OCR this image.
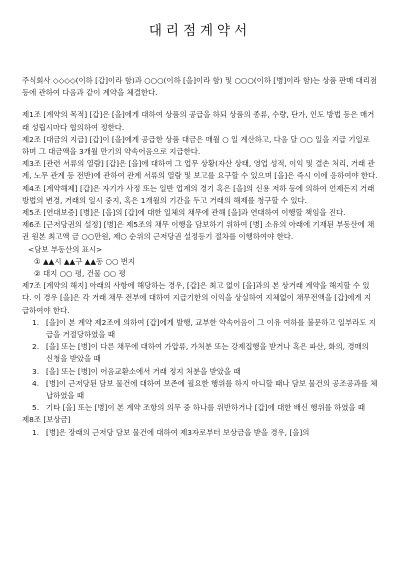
대리점계약서

주식회사 ◇◇◇◇(이하 [갑]이라 함)과 ○○○(이하 [을]이라 함) 및 ○○○(이하 [병]이라 함)는 상품 판매 대리점 등에 관하여 다음과 같이 계약을 체결한다.

제1조 [계약의 목적] [갑]은 [을]에게 대하여 상품의 공급을 하되 상품의 종류, 수량, 단가, 인도 방법 등은 매거래 성립시마다 협의하여 정한다.

제2조 [대금의 지급] [갑]이 [을]에게 공급한 상품 대금은 매월 ○ 일 계산하고, 다음 달 ○○ 일을 지급 기일로 하며 그 대금액을 3개월 만기의 약속어음으로 지급한다.

제3조 [관련 서류의 열람] [갑]은 [을]에 대하여 그 업무 상황(자산 상태, 영업 성적, 이익 및 결손 처리, 거래 관계, 노무 관계 등 전반)에 관하여 관계 서류의 열람 및 보고를 요구할 수 있으며 [을]은 즉시 이에 응하여야 한다.

제4조 [계약해제] [갑]은 자기가 사정 또는 일반 업계의 경기 혹은 [을]의 신용 저하 등에 의하여 언제든지 거래 방법의 변경, 거래의 일시 중지, 혹은 1개월의 기간을 두고 거래의 해제를 청구할 수 있다.

제5조 [연대보증] [병]은 [을]의 [갑]에 대한 일체의 채무에 관해 [을]과 연대하여 이행할 책임을 진다.

제6조 [근저당권의 설정] [병]은 제5조의 채무 이행을 담보하기 위하여 [병] 소유의 아래에 기재된 부동산에 채권 원본 최고액 금 ○○만원, 제○ 순위의 근저당권 설정등기 절차를 이행하여야 한다.

<담보 부동산의 표시>

① ▲▲시 ▲▲구 ▲▲동 ○○ 번지

② 대지 ○○ 평, 건물 ○○ 평

제7조 [계약의 해지] 아래의 사항에 해당하는 경우, [갑]은 최고 없이 [을]과의 본 상거래 계약을 해지할 수 있다. 이 경우 [을]은 각 거래 채무 전부에 대하여 지급기한의 이익을 상실하여 지체없이 채무전액을 [갑]에게 지급하여야 한다.

1. [을]이 본 계약 제2조에 의하여 [갑]에게 발행, 교부한 약속어음이 그 이유 여하를 불문하고 일부라도 지급을 거절당하였을 때
2. [을] 또는 [병]이 다른 채무에 대하여 가압류, 가처분 또는 강제집행을 받거나 혹은 파산, 화의, 경매의 신청을 받았을 때
3. [을] 또는 [병]이 어음교환소에서 거래 정지 처분을 받았을 때
4. [병]이 근저당된 담보 물건에 대하여 보존에 필요한 행위를 하지 아니할 때나 담보 물건의 공조공과를 체납하였을 때
5. 기타 [을] 또는 [병]이 본 계약 조항의 의무 중 하나를 위반하거나 [갑]에 대한 배신 행위를 하였을 때

제8조 [보상금]

1. [병]은 장래의 근저당 담보 물건에 대하여 제3자로부터 보상금을 받을 경우, [을]의
